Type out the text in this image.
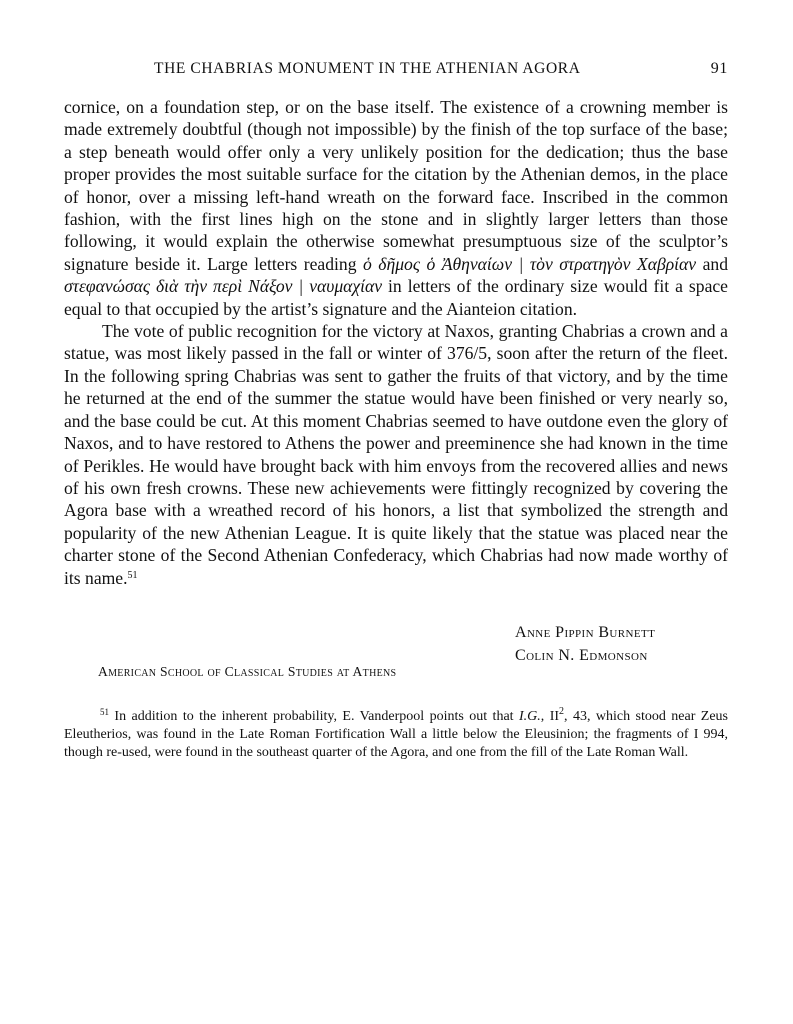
THE CHABRIAS MONUMENT IN THE ATHENIAN AGORA	91

cornice, on a foundation step, or on the base itself. The existence of a crowning member is made extremely doubtful (though not impossible) by the finish of the top surface of the base; a step beneath would offer only a very unlikely position for the dedication; thus the base proper provides the most suitable surface for the citation by the Athenian demos, in the place of honor, over a missing left-hand wreath on the forward face. Inscribed in the common fashion, with the first lines high on the stone and in slightly larger letters than those following, it would explain the otherwise somewhat presumptuous size of the sculptor’s signature beside it. Large letters reading ὁ δῆμος ὁ Ἀθηναίων | τὸν στρατηγὸν Χαβρίαν and στεφανώσας διὰ τὴν περὶ Νάξον | ναυμαχίαν in letters of the ordinary size would fit a space equal to that occupied by the artist’s signature and the Aianteion citation.

The vote of public recognition for the victory at Naxos, granting Chabrias a crown and a statue, was most likely passed in the fall or winter of 376/5, soon after the return of the fleet. In the following spring Chabrias was sent to gather the fruits of that victory, and by the time he returned at the end of the summer the statue would have been finished or very nearly so, and the base could be cut. At this moment Chabrias seemed to have outdone even the glory of Naxos, and to have restored to Athens the power and preeminence she had known in the time of Perikles. He would have brought back with him envoys from the recovered allies and news of his own fresh crowns. These new achievements were fittingly recognized by covering the Agora base with a wreathed record of his honors, a list that symbolized the strength and popularity of the new Athenian League. It is quite likely that the statue was placed near the charter stone of the Second Athenian Confederacy, which Chabrias had now made worthy of its name.$^{51}$

Anne Pippin Burnett
Colin N. Edmonson
American School of Classical Studies at Athens
$^{51}$ In addition to the inherent probability, E. Vanderpool points out that I.G., $II^2$, 43, which stood near Zeus Eleutherios, was found in the Late Roman Fortification Wall a little below the Eleusinion; the fragments of I 994, though re-used, were found in the southeast quarter of the Agora, and one from the fill of the Late Roman Wall.
